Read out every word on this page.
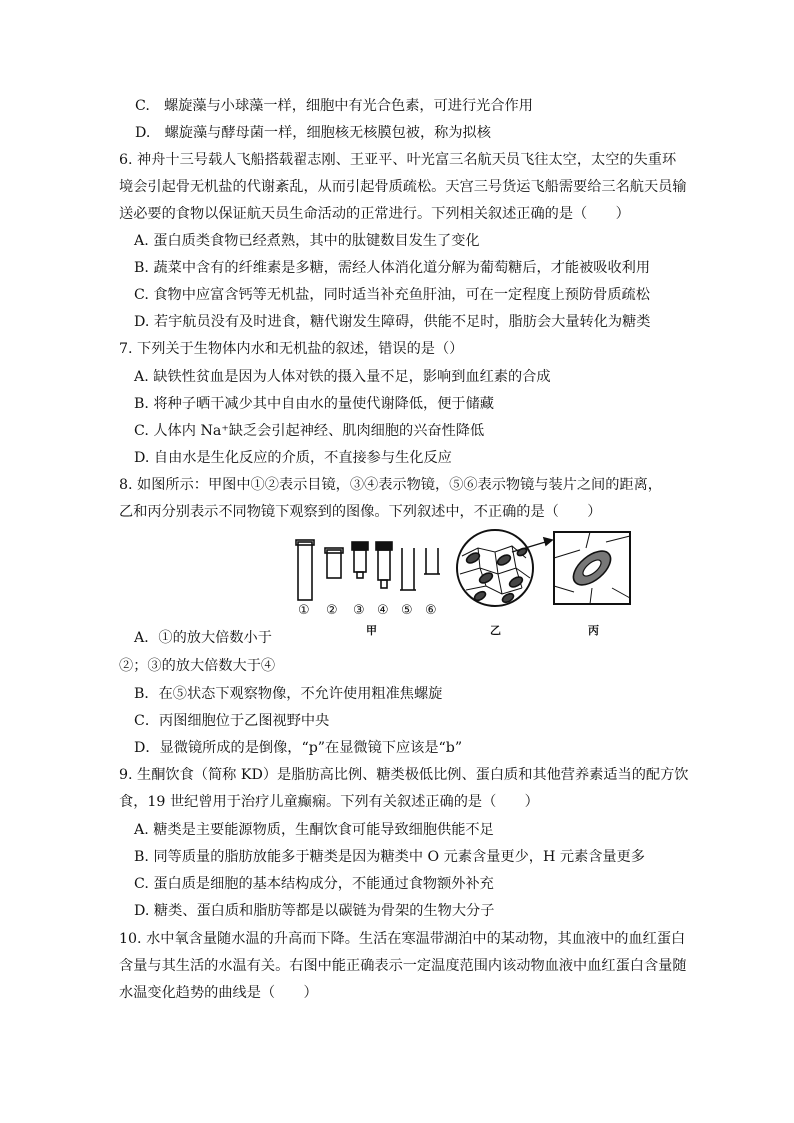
C.　螺旋藻与小球藻一样，细胞中有光合色素，可进行光合作用
D.　螺旋藻与酵母菌一样，细胞核无核膜包被，称为拟核
6. 神舟十三号载人飞船搭载翟志刚、王亚平、叶光富三名航天员飞往太空，太空的失重环
境会引起骨无机盐的代谢紊乱，从而引起骨质疏松。天宫三号货运飞船需要给三名航天员输
送必要的食物以保证航天员生命活动的正常进行。下列相关叙述正确的是（　　）
A. 蛋白质类食物已经煮熟，其中的肽键数目发生了变化
B. 蔬菜中含有的纤维素是多糖，需经人体消化道分解为葡萄糖后，才能被吸收利用
C. 食物中应富含钙等无机盐，同时适当补充鱼肝油，可在一定程度上预防骨质疏松
D. 若宇航员没有及时进食，糖代谢发生障碍，供能不足时，脂肪会大量转化为糖类
7. 下列关于生物体内水和无机盐的叙述，错误的是（）
A. 缺铁性贫血是因为人体对铁的摄入量不足，影响到血红素的合成
B. 将种子晒干减少其中自由水的量使代谢降低，便于储藏
C. 人体内 Na⁺缺乏会引起神经、肌肉细胞的兴奋性降低
D. 自由水是生化反应的介质，不直接参与生化反应
8. 如图所示：甲图中①②表示目镜，③④表示物镜，⑤⑥表示物镜与装片之间的距离，
乙和丙分别表示不同物镜下观察到的图像。下列叙述中，不正确的是（　　）
① ② ③ ④ ⑤ ⑥
甲	乙	丙
A．①的放大倍数小于
②；③的放大倍数大于④
B．在⑤状态下观察物像，不允许使用粗准焦螺旋
C．丙图细胞位于乙图视野中央
D．显微镜所成的是倒像，“p”在显微镜下应该是“b”
9. 生酮饮食（简称 KD）是脂肪高比例、糖类极低比例、蛋白质和其他营养素适当的配方饮
食，19 世纪曾用于治疗儿童癫痫。下列有关叙述正确的是（　　）
A. 糖类是主要能源物质，生酮饮食可能导致细胞供能不足
B. 同等质量的脂肪放能多于糖类是因为糖类中 O 元素含量更少，H 元素含量更多
C. 蛋白质是细胞的基本结构成分，不能通过食物额外补充
D. 糖类、蛋白质和脂肪等都是以碳链为骨架的生物大分子
10. 水中氧含量随水温的升高而下降。生活在寒温带湖泊中的某动物，其血液中的血红蛋白
含量与其生活的水温有关。右图中能正确表示一定温度范围内该动物血液中血红蛋白含量随
水温变化趋势的曲线是（　　）
